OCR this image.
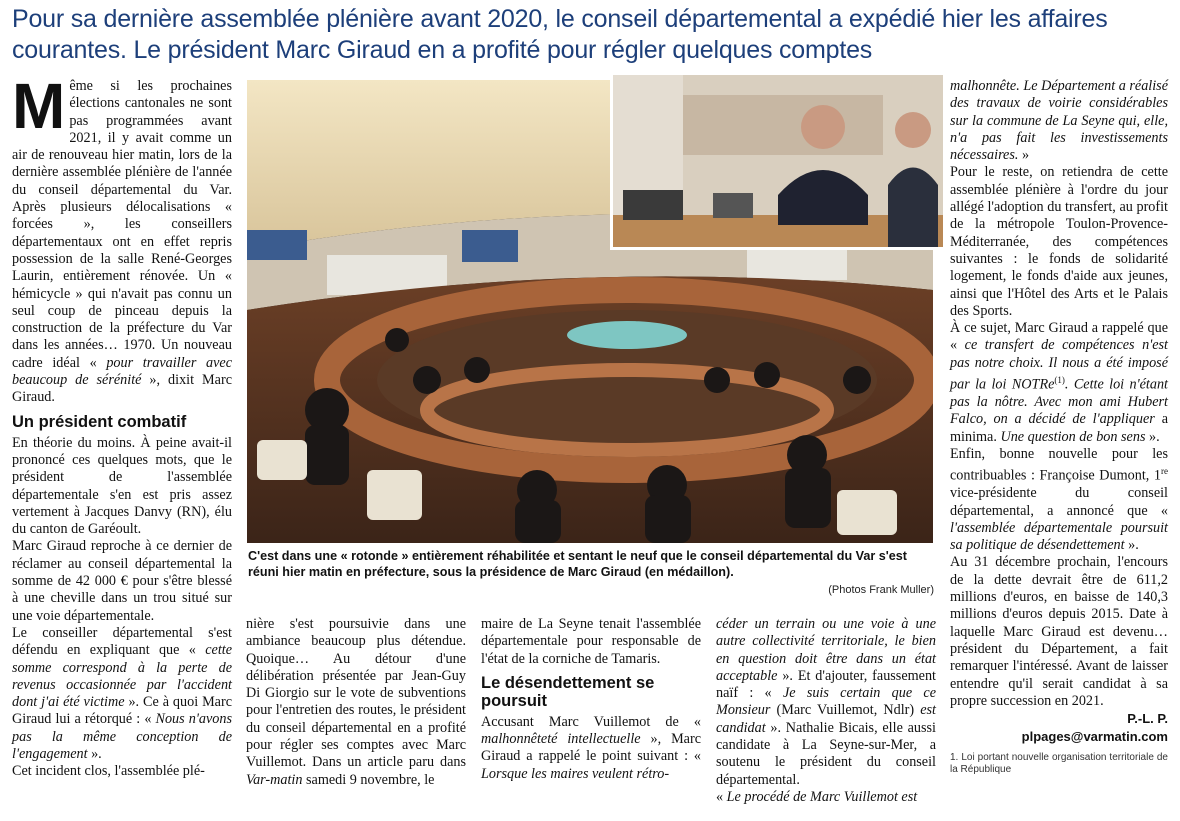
Pour sa dernière assemblée plénière avant 2020, le conseil départemental a expédié hier les affaires courantes. Le président Marc Giraud en a profité pour régler quelques comptes

Même si les prochaines élections cantonales ne sont pas programmées avant 2021, il y avait comme un air de renouveau hier matin, lors de la dernière assemblée plénière de l'année du conseil départemental du Var. Après plusieurs délocalisations « forcées », les conseillers départementaux ont en effet repris possession de la salle René-Georges Laurin, entièrement rénovée. Un « hémicycle » qui n'avait pas connu un seul coup de pinceau depuis la construction de la préfecture du Var dans les années… 1970. Un nouveau cadre idéal « pour travailler avec beaucoup de sérénité », dixit Marc Giraud.

Un président combatif

En théorie du moins. À peine avait-il prononcé ces quelques mots, que le président de l'assemblée départementale s'en est pris assez vertement à Jacques Danvy (RN), élu du canton de Garéoult.

Marc Giraud reproche à ce dernier de réclamer au conseil départemental la somme de 42 000 € pour s'être blessé à une cheville dans un trou situé sur une voie départementale.

Le conseiller départemental s'est défendu en expliquant que « cette somme correspond à la perte de revenus occasionnée par l'accident dont j'ai été victime ». Ce à quoi Marc Giraud lui a rétorqué : « Nous n'avons pas la même conception de l'engagement ».

Cet incident clos, l'assemblée plé-

C'est dans une « rotonde » entièrement réhabilitée et sentant le neuf que le conseil départemental du Var s'est réuni hier matin en préfecture, sous la présidence de Marc Giraud (en médaillon).
(Photos Frank Muller)

nière s'est poursuivie dans une ambiance beaucoup plus détendue. Quoique… Au détour d'une délibération présentée par Jean-Guy Di Giorgio sur le vote de subventions pour l'entretien des routes, le président du conseil départemental en a profité pour régler ses comptes avec Marc Vuillemot. Dans un article paru dans Var-matin samedi 9 novembre, le

maire de La Seyne tenait l'assemblée départementale pour responsable de l'état de la corniche de Tamaris.

Le désendettement se poursuit

Accusant Marc Vuillemot de « malhonnêteté intellectuelle », Marc Giraud a rappelé le point suivant : « Lorsque les maires veulent rétro-

céder un terrain ou une voie à une autre collectivité territoriale, le bien en question doit être dans un état acceptable ». Et d'ajouter, faussement naïf : « Je suis certain que ce Monsieur (Marc Vuillemot, Ndlr) est candidat ». Nathalie Bicais, elle aussi candidate à La Seyne-sur-Mer, a soutenu le président du conseil départemental.

« Le procédé de Marc Vuillemot est

malhonnête. Le Département a réalisé des travaux de voirie considérables sur la commune de La Seyne qui, elle, n'a pas fait les investissements nécessaires. »

Pour le reste, on retiendra de cette assemblée plénière à l'ordre du jour allégé l'adoption du transfert, au profit de la métropole Toulon-Provence-Méditerranée, des compétences suivantes : le fonds de solidarité logement, le fonds d'aide aux jeunes, ainsi que l'Hôtel des Arts et le Palais des Sports.

À ce sujet, Marc Giraud a rappelé que « ce transfert de compétences n'est pas notre choix. Il nous a été imposé par la loi NOTRe$^{(1)}$. Cette loi n'étant pas la nôtre. Avec mon ami Hubert Falco, on a décidé de l'appliquer a minima. Une question de bon sens ».

Enfin, bonne nouvelle pour les contribuables : Françoise Dumont, 1re vice-présidente du conseil départemental, a annoncé que « l'assemblée départementale poursuit sa politique de désendettement ».

Au 31 décembre prochain, l'encours de la dette devrait être de 611,2 millions d'euros, en baisse de 140,3 millions d'euros depuis 2015. Date à laquelle Marc Giraud est devenu… président du Département, a fait remarquer l'intéressé. Avant de laisser entendre qu'il serait candidat à sa propre succession en 2021.

P.-L. P.
plpages@varmatin.com
1. Loi portant nouvelle organisation territoriale de la République
